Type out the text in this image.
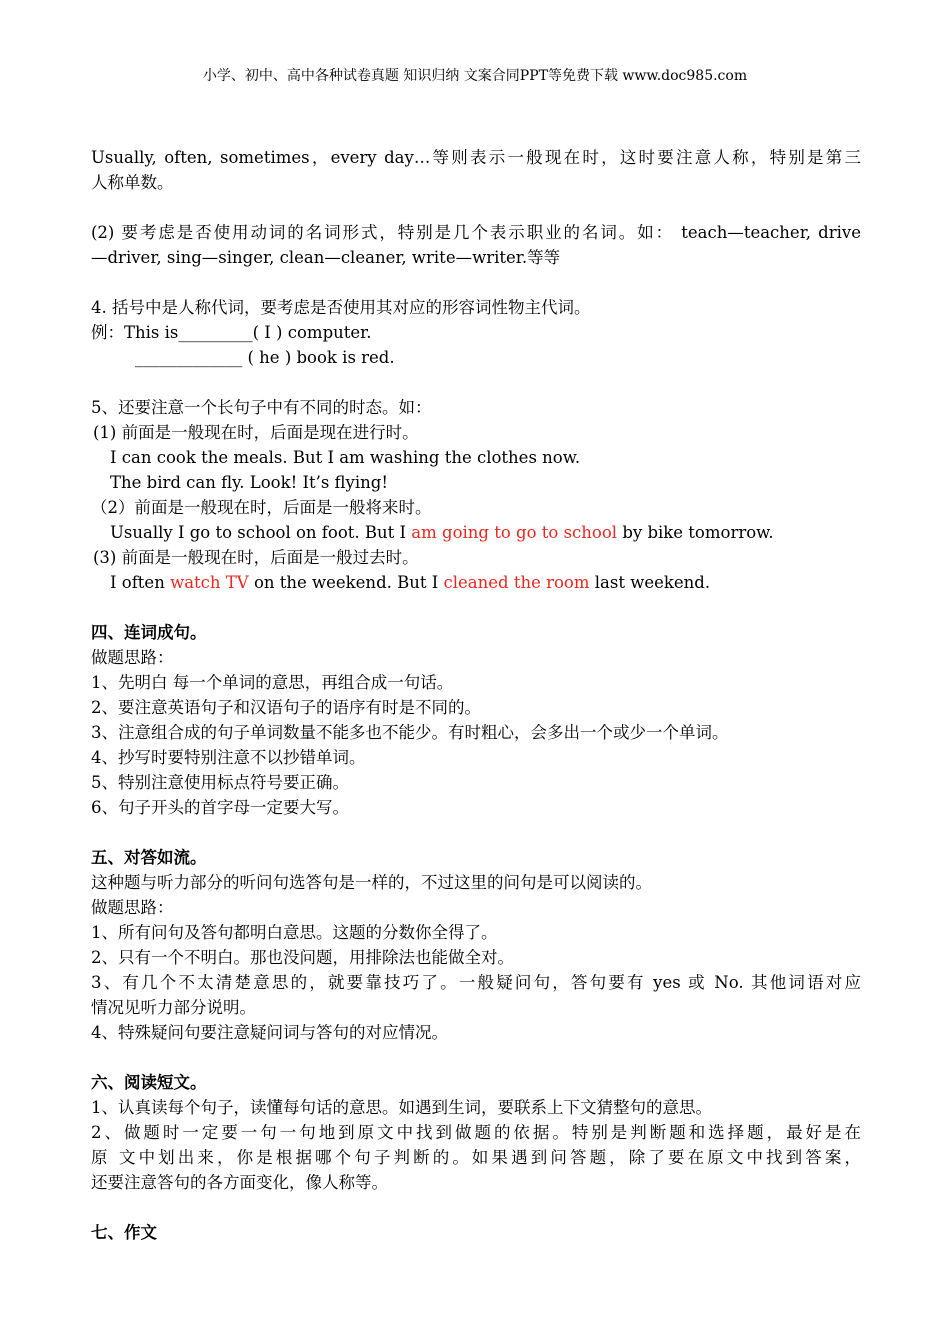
小学、初中、高中各种试卷真题 知识归纳 文案合同PPT等免费下载 www.doc985.com

Usually, often, sometimes，every day…等则表示一般现在时，这时要注意人称，特别是第三

人称单数。

(2) 要考虑是否使用动词的名词形式，特别是几个表示职业的名词。如： teach—teacher, drive

—driver, sing—singer, clean—cleaner, write—writer.等等

4. 括号中是人称代词，要考虑是否使用其对应的形容词性物主代词。

例：This is_________( I ) computer.

_____________ ( he ) book is red.

5、还要注意一个长句子中有不同的时态。如：

(1) 前面是一般现在时，后面是现在进行时。

I can cook the meals. But I am washing the clothes now.

The bird can fly. Look! It’s flying!

（2）前面是一般现在时，后面是一般将来时。

Usually I go to school on foot. But I am going to go to school by bike tomorrow.

(3) 前面是一般现在时，后面是一般过去时。

I often watch TV on the weekend. But I cleaned the room last weekend.

四、连词成句。

做题思路：

1、先明白 每一个单词的意思，再组合成一句话。

2、要注意英语句子和汉语句子的语序有时是不同的。

3、注意组合成的句子单词数量不能多也不能少。有时粗心，会多出一个或少一个单词。

4、抄写时要特别注意不以抄错单词。

5、特别注意使用标点符号要正确。

6、句子开头的首字母一定要大写。

五、对答如流。

这种题与听力部分的听问句选答句是一样的，不过这里的问句是可以阅读的。

做题思路：

1、所有问句及答句都明白意思。这题的分数你全得了。

2、只有一个不明白。那也没问题，用排除法也能做全对。

3、有几个不太清楚意思的，就要靠技巧了。一般疑问句，答句要有 yes 或 No. 其他词语对应

情况见听力部分说明。

4、特殊疑问句要注意疑问词与答句的对应情况。

六、阅读短文。

1、认真读每个句子，读懂每句话的意思。如遇到生词，要联系上下文猜整句的意思。

2、做题时一定要一句一句地到原文中找到做题的依据。特别是判断题和选择题，最好是在

原 文中划出来，你是根据哪个句子判断的。如果遇到问答题，除了要在原文中找到答案，

还要注意答句的各方面变化，像人称等。

七、作文
